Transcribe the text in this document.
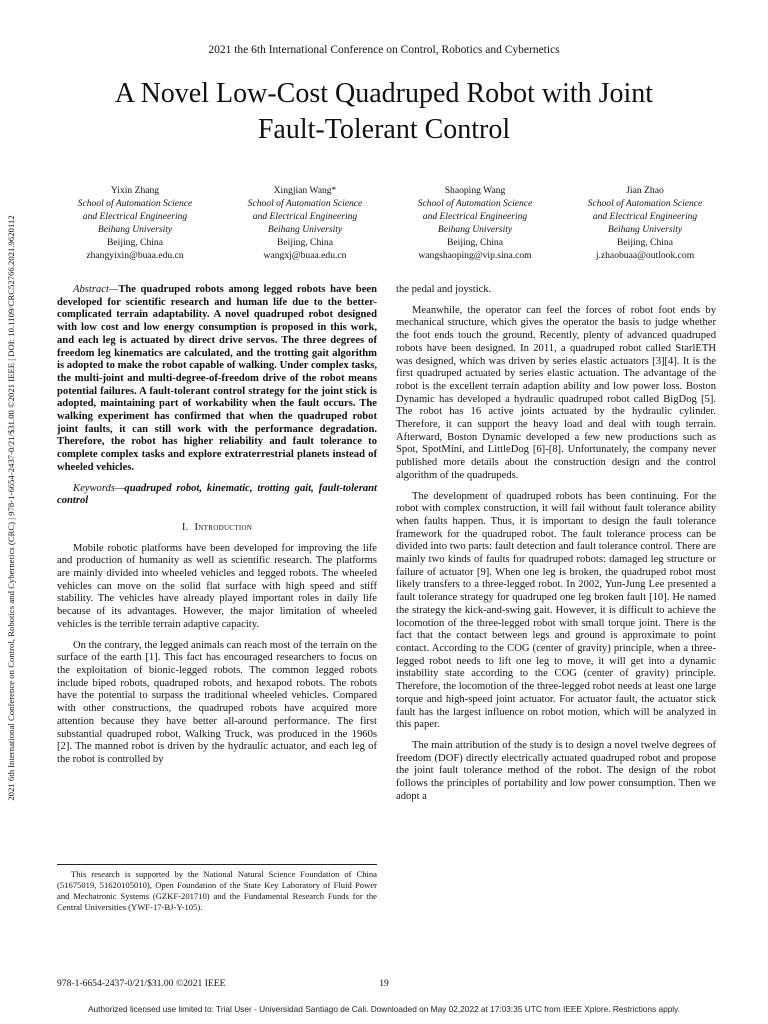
2021 the 6th International Conference on Control, Robotics and Cybernetics
A Novel Low-Cost Quadruped Robot with Joint
Fault-Tolerant Control
2021 6th International Conference on Control, Robotics and Cybernetics (CRC) | 978-1-6654-2437-0/21/$31.00 ©2021 IEEE | DOI: 10.1109/CRC52766.2021.9620112
Yixin Zhang
School of Automation Science
and Electrical Engineering
Beihang University
Beijing, China
zhangyixin@buaa.edu.cn
Xingjian Wang*
School of Automation Science
and Electrical Engineering
Beihang University
Beijing, China
wangxj@buaa.edu.cn
Shaoping Wang
School of Automation Science
and Electrical Engineering
Beihang University
Beijing, China
wangshaoping@vip.sina.com
Jian Zhao
School of Automation Science
and Electrical Engineering
Beihang University
Beijing, China
j.zhaobuaa@outlook.com

Abstract—The quadruped robots among legged robots have been developed for scientific research and human life due to the better-complicated terrain adaptability. A novel quadruped robot designed with low cost and low energy consumption is proposed in this work, and each leg is actuated by direct drive servos. The three degrees of freedom leg kinematics are calculated, and the trotting gait algorithm is adopted to make the robot capable of walking. Under complex tasks, the multi-joint and multi-degree-of-freedom drive of the robot means potential failures. A fault-tolerant control strategy for the joint stick is adopted, maintaining part of workability when the fault occurs. The walking experiment has confirmed that when the quadruped robot joint faults, it can still work with the performance degradation. Therefore, the robot has higher reliability and fault tolerance to complete complex tasks and explore extraterrestrial planets instead of wheeled vehicles.

Keywords—quadruped robot, kinematic, trotting gait, fault-tolerant control

I. Introduction

Mobile robotic platforms have been developed for improving the life and production of humanity as well as scientific research. The platforms are mainly divided into wheeled vehicles and legged robots. The wheeled vehicles can move on the solid flat surface with high speed and stiff stability. The vehicles have already played important roles in daily life because of its advantages. However, the major limitation of wheeled vehicles is the terrible terrain adaptive capacity.

On the contrary, the legged animals can reach most of the terrain on the surface of the earth [1]. This fact has encouraged researchers to focus on the exploitation of bionic-legged robots. The common legged robots include biped robots, quadruped robots, and hexapod robots. The robots have the potential to surpass the traditional wheeled vehicles. Compared with other constructions, the quadruped robots have acquired more attention because they have better all-around performance. The first substantial quadruped robot, Walking Truck, was produced in the 1960s [2]. The manned robot is driven by the hydraulic actuator, and each leg of the robot is controlled by

the pedal and joystick.

Meanwhile, the operator can feel the forces of robot foot ends by mechanical structure, which gives the operator the basis to judge whether the foot ends touch the ground. Recently, plenty of advanced quadruped robots have been designed. In 2011, a quadruped robot called StarlETH was designed, which was driven by series elastic actuators [3][4]. It is the first quadruped actuated by series elastic actuation. The advantage of the robot is the excellent terrain adaption ability and low power loss. Boston Dynamic has developed a hydraulic quadruped robot called BigDog [5]. The robot has 16 active joints actuated by the hydraulic cylinder. Therefore, it can support the heavy load and deal with tough terrain. Afterward, Boston Dynamic developed a few new productions such as Spot, SpotMini, and LittleDog [6]-[8]. Unfortunately, the company never published more details about the construction design and the control algorithm of the quadrupeds.

The development of quadruped robots has been continuing. For the robot with complex construction, it will fail without fault tolerance ability when faults happen. Thus, it is important to design the fault tolerance framework for the quadruped robot. The fault tolerance process can be divided into two parts: fault detection and fault tolerance control. There are mainly two kinds of faults for quadruped robots: damaged leg structure or failure of actuator [9]. When one leg is broken, the quadruped robot most likely transfers to a three-legged robot. In 2002, Yun-Jung Lee presented a fault tolerance strategy for quadruped one leg broken fault [10]. He named the strategy the kick-and-swing gait. However, it is difficult to achieve the locomotion of the three-legged robot with small torque joint. There is the fact that the contact between legs and ground is approximate to point contact. According to the COG (center of gravity) principle, when a three-legged robot needs to lift one leg to move, it will get into a dynamic instability state according to the COG (center of gravity) principle. Therefore, the locomotion of the three-legged robot needs at least one large torque and high-speed joint actuator. For actuator fault, the actuator stick fault has the largest influence on robot motion, which will be analyzed in this paper.

The main attribution of the study is to design a novel twelve degrees of freedom (DOF) directly electrically actuated quadruped robot and propose the joint fault tolerance method of the robot. The design of the robot follows the principles of portability and low power consumption. Then we adopt a

This research is supported by the National Natural Science Foundation of China (51675019, 51620105010), Open Foundation of the State Key Laboratory of Fluid Power and Mechatronic Systems (GZKF-201710) and the Fundamental Research Funds for the Central Universities (YWF-17-BJ-Y-105).

978-1-6654-2437-0/21/$31.00 ©2021 IEEE	19
Authorized licensed use limited to: Trial User - Universidad Santiago de Cali. Downloaded on May 02,2022 at 17:03:35 UTC from IEEE Xplore. Restrictions apply.
